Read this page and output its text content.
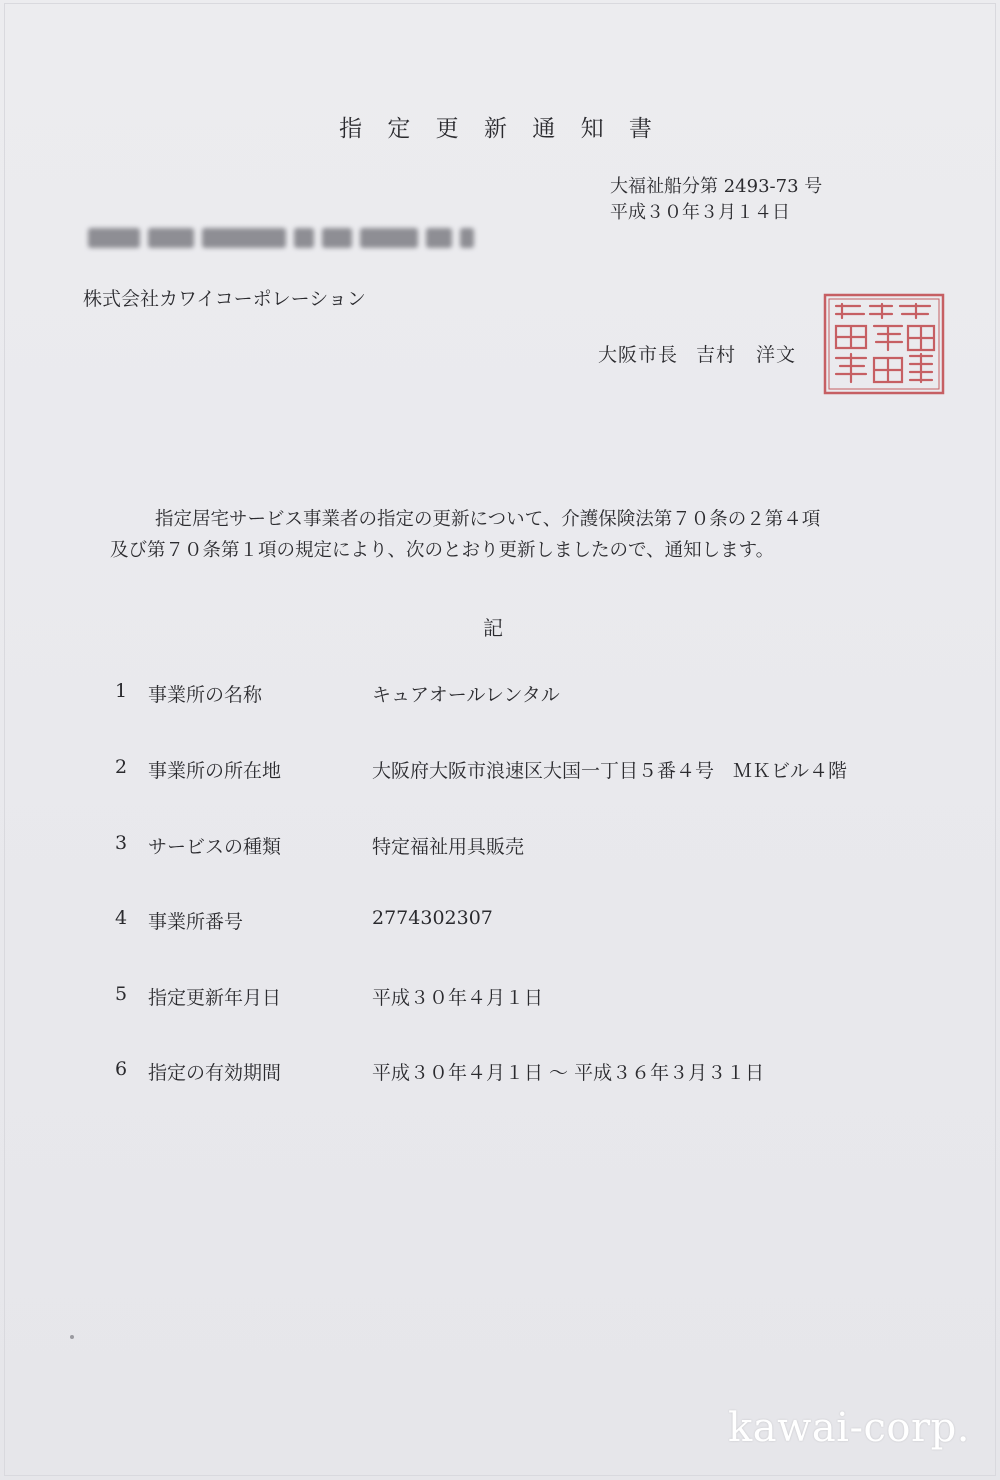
指 定 更 新 通 知 書
大福祉船分第 2493-73 号
平成３０年３月１４日
株式会社カワイコーポレーション
大阪市長 吉村　洋文

指定居宅サービス事業者の指定の更新について、介護保険法第７０条の２第４項

及び第７０条第１項の規定により、次のとおり更新しましたので、通知します。

記
1 事業所の名称	キュアオールレンタル
2 事業所の所在地	大阪府大阪市浪速区大国一丁目５番４号　ＭＫビル４階
3 サービスの種類	特定福祉用具販売
4 事業所番号	2774302307
5 指定更新年月日	平成３０年４月１日
6 指定の有効期間	平成３０年４月１日 ～ 平成３６年３月３１日
kawai-corp.
